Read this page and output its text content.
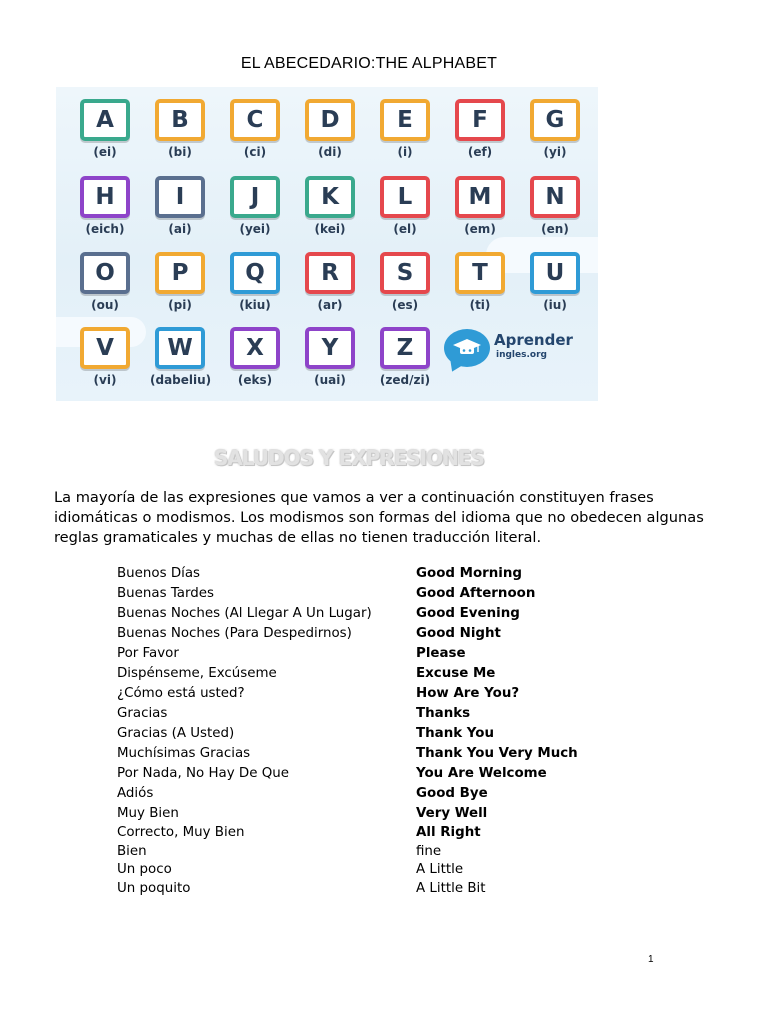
EL ABECEDARIO:THE ALPHABET
A
(ei)
B
(bi)
C
(ci)
D
(di)
E
(i)
F
(ef)
G
(yi)
H
(eich)
I
(ai)
J
(yei)
K
(kei)
L
(el)
M
(em)
N
(en)
O
(ou)
P
(pi)
Q
(kiu)
R
(ar)
S
(es)
T
(ti)
U
(iu)
V
(vi)
W
(dabeliu)
X
(eks)
Y
(uai)
Z
(zed/zi)
Aprender
ingles.org
SALUDOS Y EXPRESIONES
La mayoría de las expresiones que vamos a ver a continuación constituyen frases idiomáticas o modismos. Los modismos son formas del idioma que no obedecen algunas reglas gramaticales y muchas de ellas no tienen traducción literal.
Buenos Días	Good Morning
Buenas Tardes	Good Afternoon
Buenas Noches (Al Llegar A Un Lugar)	Good Evening
Buenas Noches (Para Despedirnos)	Good Night
Por Favor	Please
Dispénseme, Excúseme	Excuse Me
¿Cómo está usted?	How Are You?
Gracias	Thanks
Gracias (A Usted)	Thank You
Muchísimas Gracias	Thank You Very Much
Por Nada, No Hay De Que	You Are Welcome
Adiós	Good Bye
Muy Bien	Very Well
Correcto, Muy Bien	All Right
Bien	fine
Un poco	A Little
Un poquito	A Little Bit
1
